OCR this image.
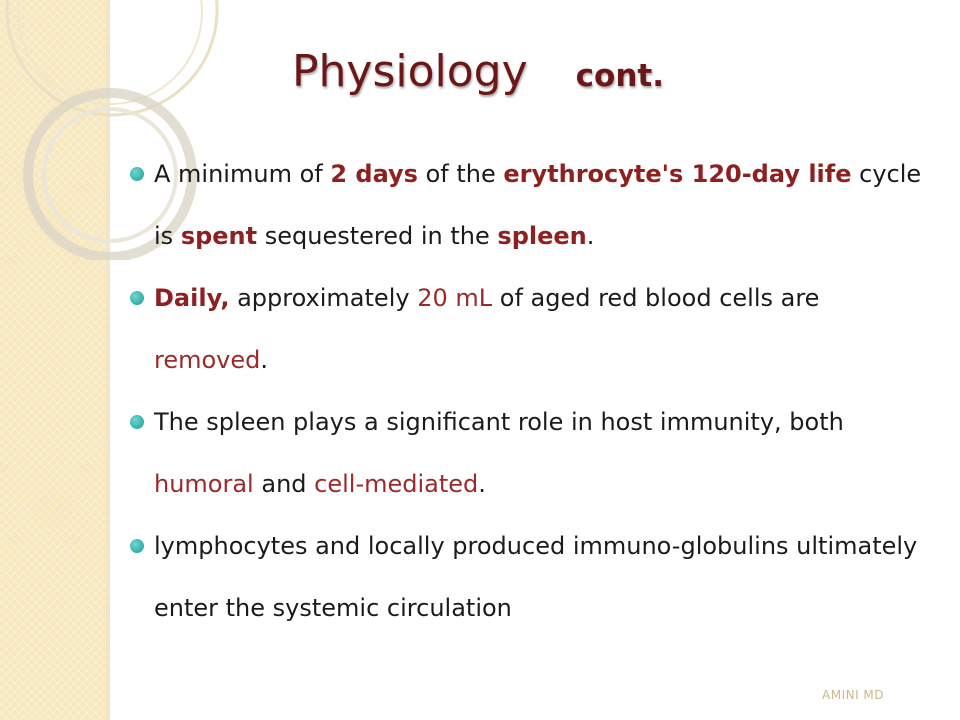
Physiology cont.
A minimum of 2 days of the erythrocyte's 120-day life cycle is spent sequestered in the spleen.
Daily, approximately 20 mL of aged red blood cells are removed.
The spleen plays a significant role in host immunity, both humoral and cell-mediated.
lymphocytes and locally produced immuno-globulins ultimately enter the systemic circulation
AMINI MD
